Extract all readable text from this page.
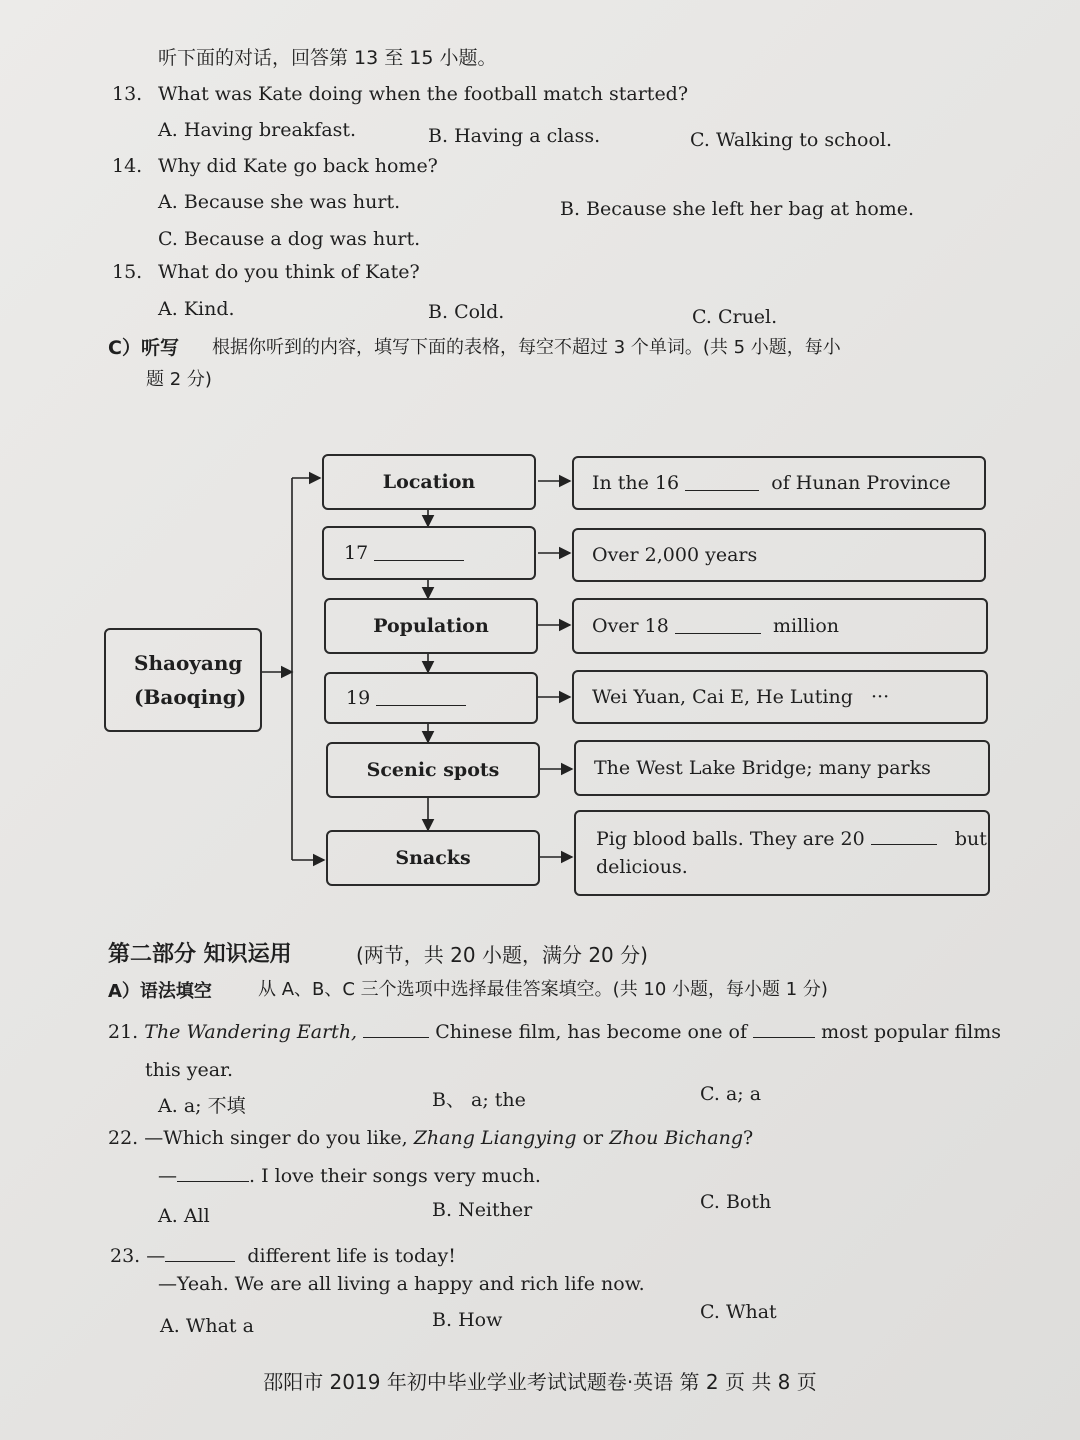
听下面的对话，回答第 13 至 15 小题。
13. What was Kate doing when the football match started?
A. Having breakfast.	B. Having a class.	C. Walking to school.
14. Why did Kate go back home?
A. Because she was hurt.	B. Because she left her bag at home.
C. Because a dog was hurt.
15. What do you think of Kate?
A. Kind.	B. Cold.	C. Cruel.
C）听写 根据你听到的内容，填写下面的表格，每空不超过 3 个单词。(共 5 小题，每小
题 2 分)
Shaoyang
(Baoqing)
Location
17

Population
19

Scenic spots
Snacks
In the 16

	of Hunan Province
Over 2,000 years
Over 18

	million
Wei Yuan, Cai E, He Luting
···
The West Lake Bridge; many parks
Pig blood balls. They are 20	but
delicious.
第二部分 知识运用	(两节，共 20 小题，满分 20 分)
A）语法填空	从 A、B、C 三个选项中选择最佳答案填空。(共 10 小题，每小题 1 分)
21. The Wandering Earth,	Chinese film, has become one of	most popular films
this year.
A. a; 不填	B、 a; the	C. a; a
22. —Which singer do you like, Zhang Liangying or Zhou Bichang?
—	. I love their songs very much.
A. All	B. Neither	C. Both
23. —	different life is today!
—Yeah. We are all living a happy and rich life now.
A. What a	B. How	C. What
邵阳市 2019 年初中毕业学业考试试题卷·英语 第 2 页 共 8 页
